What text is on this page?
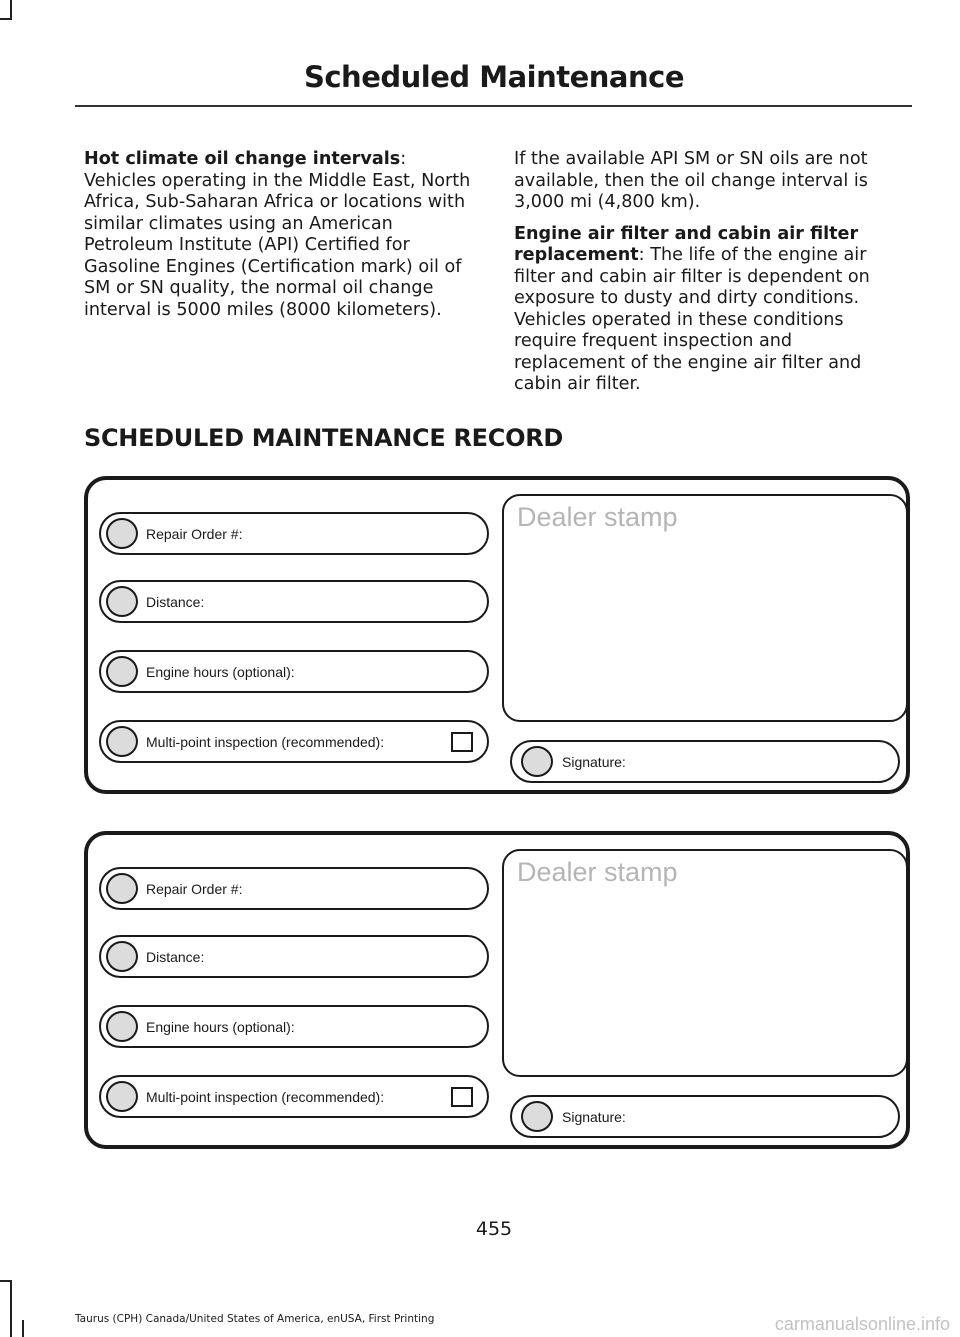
Scheduled Maintenance

Hot climate oil change intervals: Vehicles operating in the Middle East, North Africa, Sub-Saharan Africa or locations with similar climates using an American Petroleum Institute (API) Certified for Gasoline Engines (Certification mark) oil of SM or SN quality, the normal oil change interval is 5000 miles (8000 kilometers).

If the available API SM or SN oils are not available, then the oil change interval is 3,000 mi (4,800 km).

Engine air filter and cabin air filter replacement: The life of the engine air filter and cabin air filter is dependent on exposure to dusty and dirty conditions. Vehicles operated in these conditions require frequent inspection and replacement of the engine air filter and cabin air filter.

SCHEDULED MAINTENANCE RECORD
Repair Order #:
Distance:
Engine hours (optional):
Multi-point inspection (recommended):
Dealer stamp
Signature:
Repair Order #:
Distance:
Engine hours (optional):
Multi-point inspection (recommended):
Dealer stamp
Signature:
455
Taurus (CPH) Canada/United States of America, enUSA, First Printing	carmanualsonline.info
